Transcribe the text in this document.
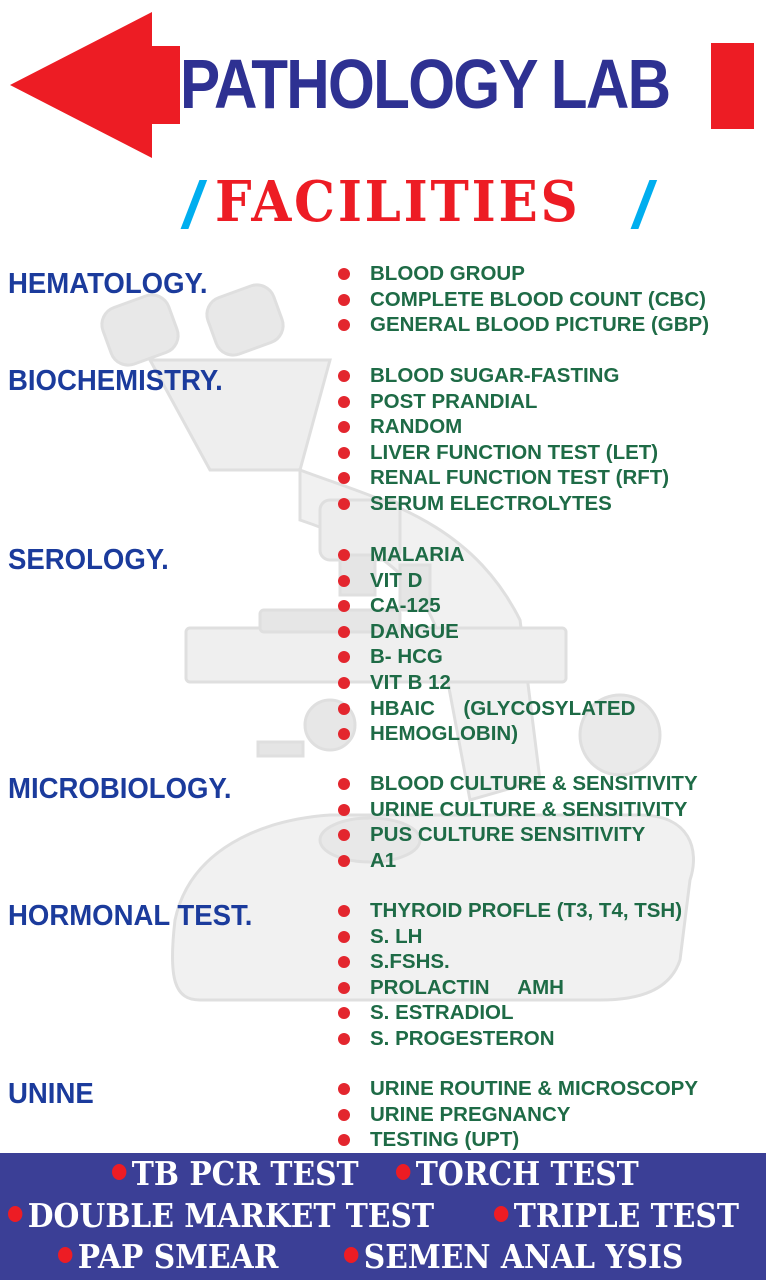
PATHOLOGY LAB
/ FACILITIES /
HEMATOLOGY.	BLOOD GROUP
COMPLETE BLOOD COUNT (CBC)
GENERAL BLOOD PICTURE (GBP)
BIOCHEMISTRY.	BLOOD SUGAR-FASTING
POST PRANDIAL
RANDOM
LIVER FUNCTION TEST (LET)
RENAL FUNCTION TEST (RFT)
SERUM ELECTROLYTES
SEROLOGY.	MALARIA
VIT D
CA-125
DANGUE
B- HCG
VIT B 12
HBAIC     (GLYCOSYLATED
HEMOGLOBIN)
MICROBIOLOGY.	BLOOD CULTURE & SENSITIVITY
URINE CULTURE & SENSITIVITY
PUS CULTURE SENSITIVITY
A1
HORMONAL TEST.	THYROID PROFLE (T3, T4, TSH)
S. LH
S.FSHS.
PROLACTIN     AMH
S. ESTRADIOL
S. PROGESTERON
UNINE	URINE ROUTINE & MICROSCOPY
URINE PREGNANCY
TESTING (UPT)
TB PCR TEST	TORCH TEST
DOUBLE MARKET TEST	TRIPLE TEST
PAP SMEAR	SEMEN ANAL YSIS
